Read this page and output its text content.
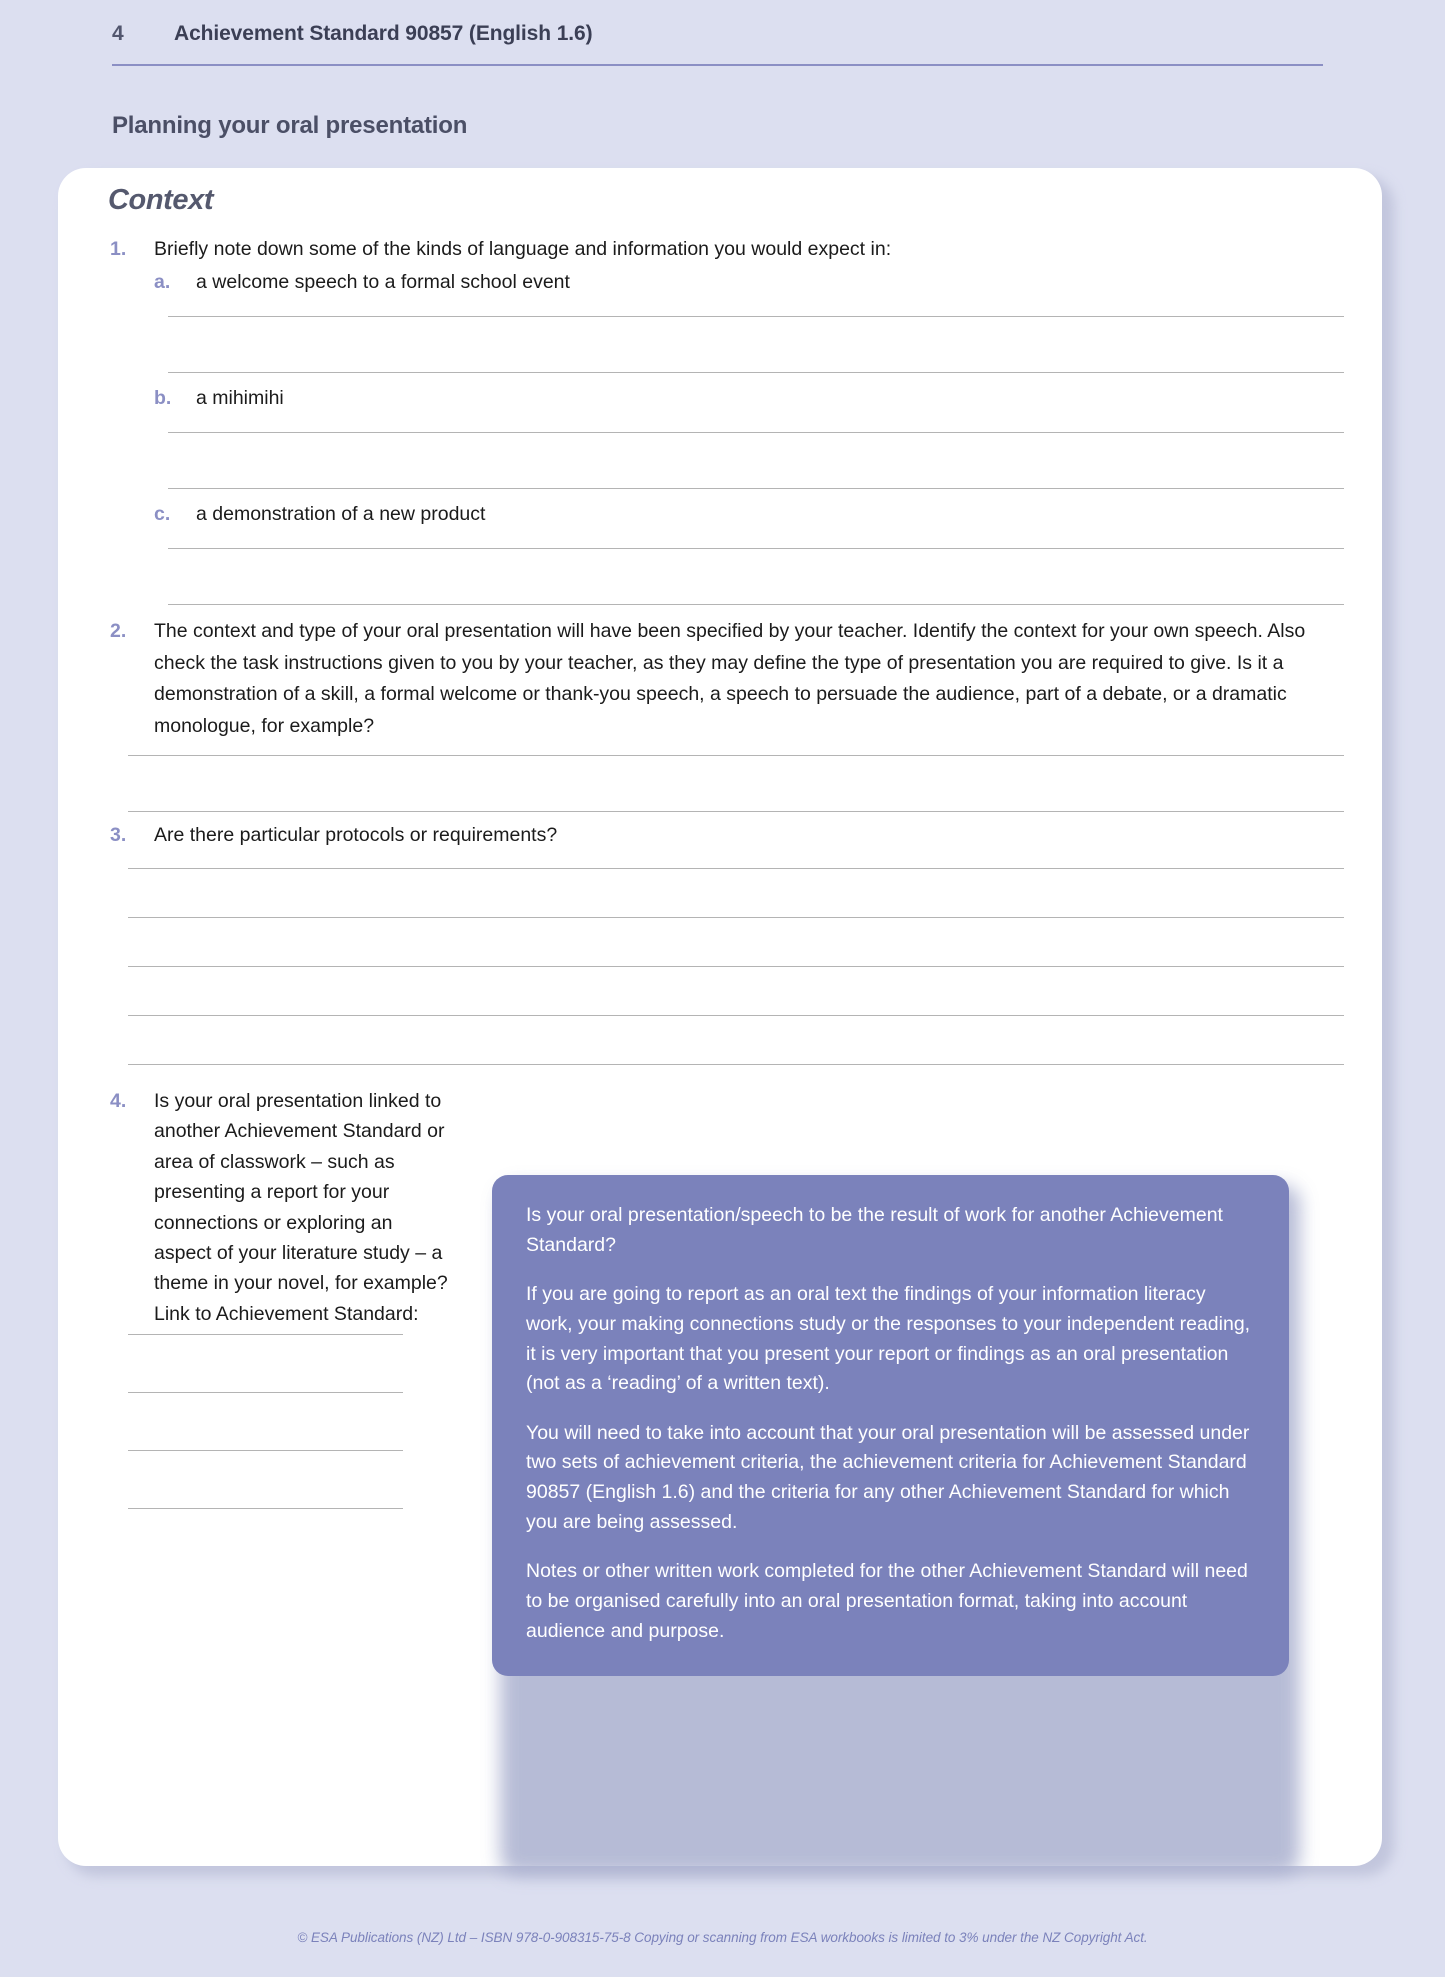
4	Achievement Standard 90857 (English 1.6)
Planning your oral presentation
Context
1.	Briefly note down some of the kinds of language and information you would expect in:
a.	a welcome speech to a formal school event
b.	a mihimihi
c.	a demonstration of a new product
2.	The context and type of your oral presentation will have been specified by your teacher. Identify the context for your own speech. Also check the task instructions given to you by your teacher, as they may define the type of presentation you are required to give. Is it a demonstration of a skill, a formal welcome or thank-you speech, a speech to persuade the audience, part of a debate, or a dramatic monologue, for example?
3.	Are there particular protocols or requirements?
4.	Is your oral presentation linked to another Achievement Standard or area of classwork – such as presenting a report for your connections or exploring an aspect of your literature study – a theme in your novel, for example?
Link to Achievement Standard:

Is your oral presentation/speech to be the result of work for another Achievement Standard?

If you are going to report as an oral text the findings of your information literacy work, your making connections study or the responses to your independent reading, it is very important that you present your report or findings as an oral presentation (not as a ‘reading’ of a written text).

You will need to take into account that your oral presentation will be assessed under two sets of achievement criteria, the achievement criteria for Achievement Standard 90857 (English 1.6) and the criteria for any other Achievement Standard for which you are being assessed.

Notes or other written work completed for the other Achievement Standard will need to be organised carefully into an oral presentation format, taking into account audience and purpose.

© ESA Publications (NZ) Ltd – ISBN 978-0-908315-75-8 Copying or scanning from ESA workbooks is limited to 3% under the NZ Copyright Act.
